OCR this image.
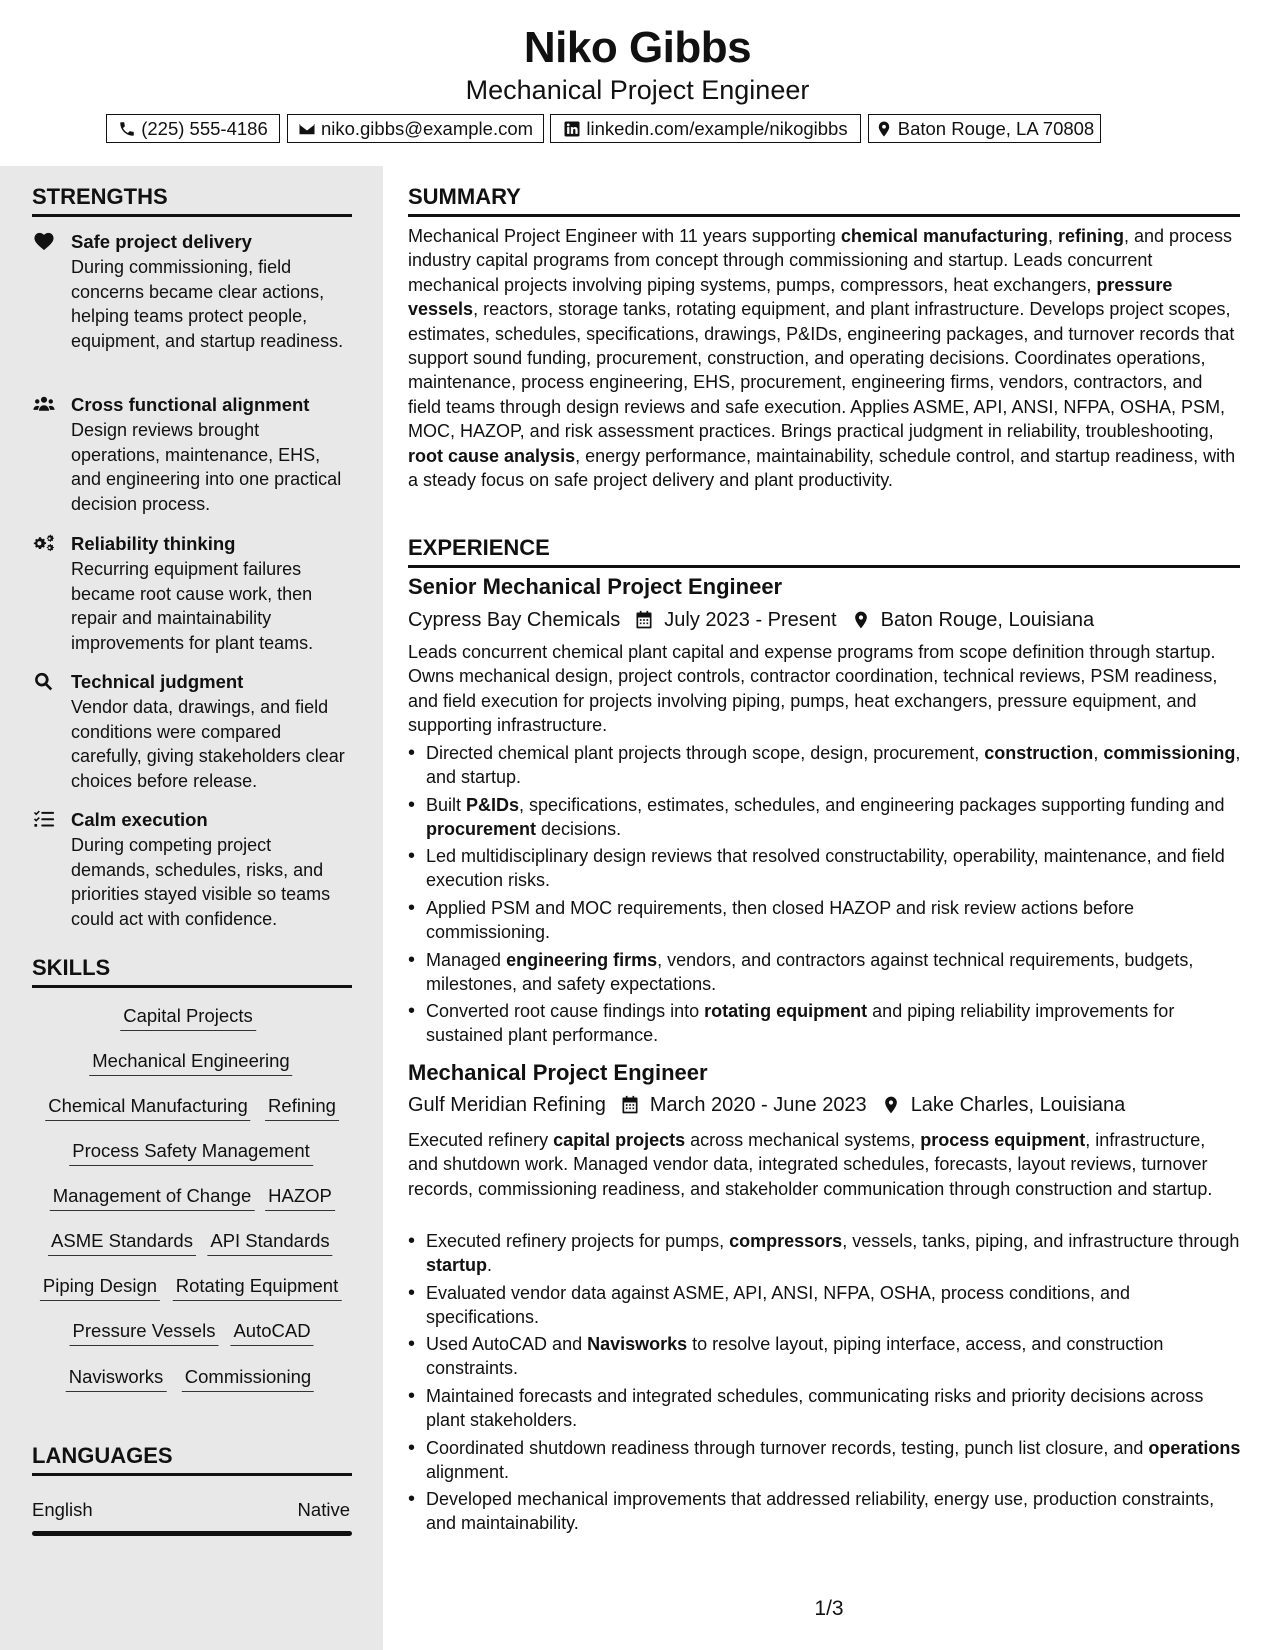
Niko Gibbs
Mechanical Project Engineer
(225) 555-4186	niko.gibbs@example.com	linkedin.com/example/nikogibbs	Baton Rouge, LA 70808
STRENGTHS
Safe project delivery
During commissioning, field concerns became clear actions, helping teams protect people, equipment, and startup readiness.
Cross functional alignment
Design reviews brought operations, maintenance, EHS, and engineering into one practical decision process.
Reliability thinking
Recurring equipment failures became root cause work, then repair and maintainability improvements for plant teams.
Technical judgment
Vendor data, drawings, and field conditions were compared carefully, giving stakeholders clear choices before release.
Calm execution
During competing project demands, schedules, risks, and priorities stayed visible so teams could act with confidence.
SKILLS
Capital Projects
Mechanical Engineering
Chemical Manufacturing Refining
Process Safety Management
Management of Change HAZOP
ASME Standards API Standards
Piping Design Rotating Equipment
Pressure Vessels AutoCAD
Navisworks Commissioning
LANGUAGES
English	Native
SUMMARY
Mechanical Project Engineer with 11 years supporting chemical manufacturing, refining, and process industry capital programs from concept through commissioning and startup. Leads concurrent mechanical projects involving piping systems, pumps, compressors, heat exchangers, pressure vessels, reactors, storage tanks, rotating equipment, and plant infrastructure. Develops project scopes, estimates, schedules, specifications, drawings, P&IDs, engineering packages, and turnover records that support sound funding, procurement, construction, and operating decisions. Coordinates operations, maintenance, process engineering, EHS, procurement, engineering firms, vendors, contractors, and field teams through design reviews and safe execution. Applies ASME, API, ANSI, NFPA, OSHA, PSM, MOC, HAZOP, and risk assessment practices. Brings practical judgment in reliability, troubleshooting, root cause analysis, energy performance, maintainability, schedule control, and startup readiness, with a steady focus on safe project delivery and plant productivity.
EXPERIENCE
Senior Mechanical Project Engineer
Cypress Bay Chemicals July 2023 - Present Baton Rouge, Louisiana
Leads concurrent chemical plant capital and expense programs from scope definition through startup. Owns mechanical design, project controls, contractor coordination, technical reviews, PSM readiness, and field execution for projects involving piping, pumps, heat exchangers, pressure equipment, and supporting infrastructure.
• Directed chemical plant projects through scope, design, procurement, construction, commissioning, and startup.
• Built P&IDs, specifications, estimates, schedules, and engineering packages supporting funding and procurement decisions.
• Led multidisciplinary design reviews that resolved constructability, operability, maintenance, and field execution risks.
• Applied PSM and MOC requirements, then closed HAZOP and risk review actions before commissioning.
• Managed engineering firms, vendors, and contractors against technical requirements, budgets, milestones, and safety expectations.
• Converted root cause findings into rotating equipment and piping reliability improvements for sustained plant performance.
Mechanical Project Engineer
Gulf Meridian Refining March 2020 - June 2023 Lake Charles, Louisiana
Executed refinery capital projects across mechanical systems, process equipment, infrastructure, and shutdown work. Managed vendor data, integrated schedules, forecasts, layout reviews, turnover records, commissioning readiness, and stakeholder communication through construction and startup.
• Executed refinery projects for pumps, compressors, vessels, tanks, piping, and infrastructure through startup.
• Evaluated vendor data against ASME, API, ANSI, NFPA, OSHA, process conditions, and specifications.
• Used AutoCAD and Navisworks to resolve layout, piping interface, access, and construction constraints.
• Maintained forecasts and integrated schedules, communicating risks and priority decisions across plant stakeholders.
• Coordinated shutdown readiness through turnover records, testing, punch list closure, and operations alignment.
• Developed mechanical improvements that addressed reliability, energy use, production constraints, and maintainability.
1/3
